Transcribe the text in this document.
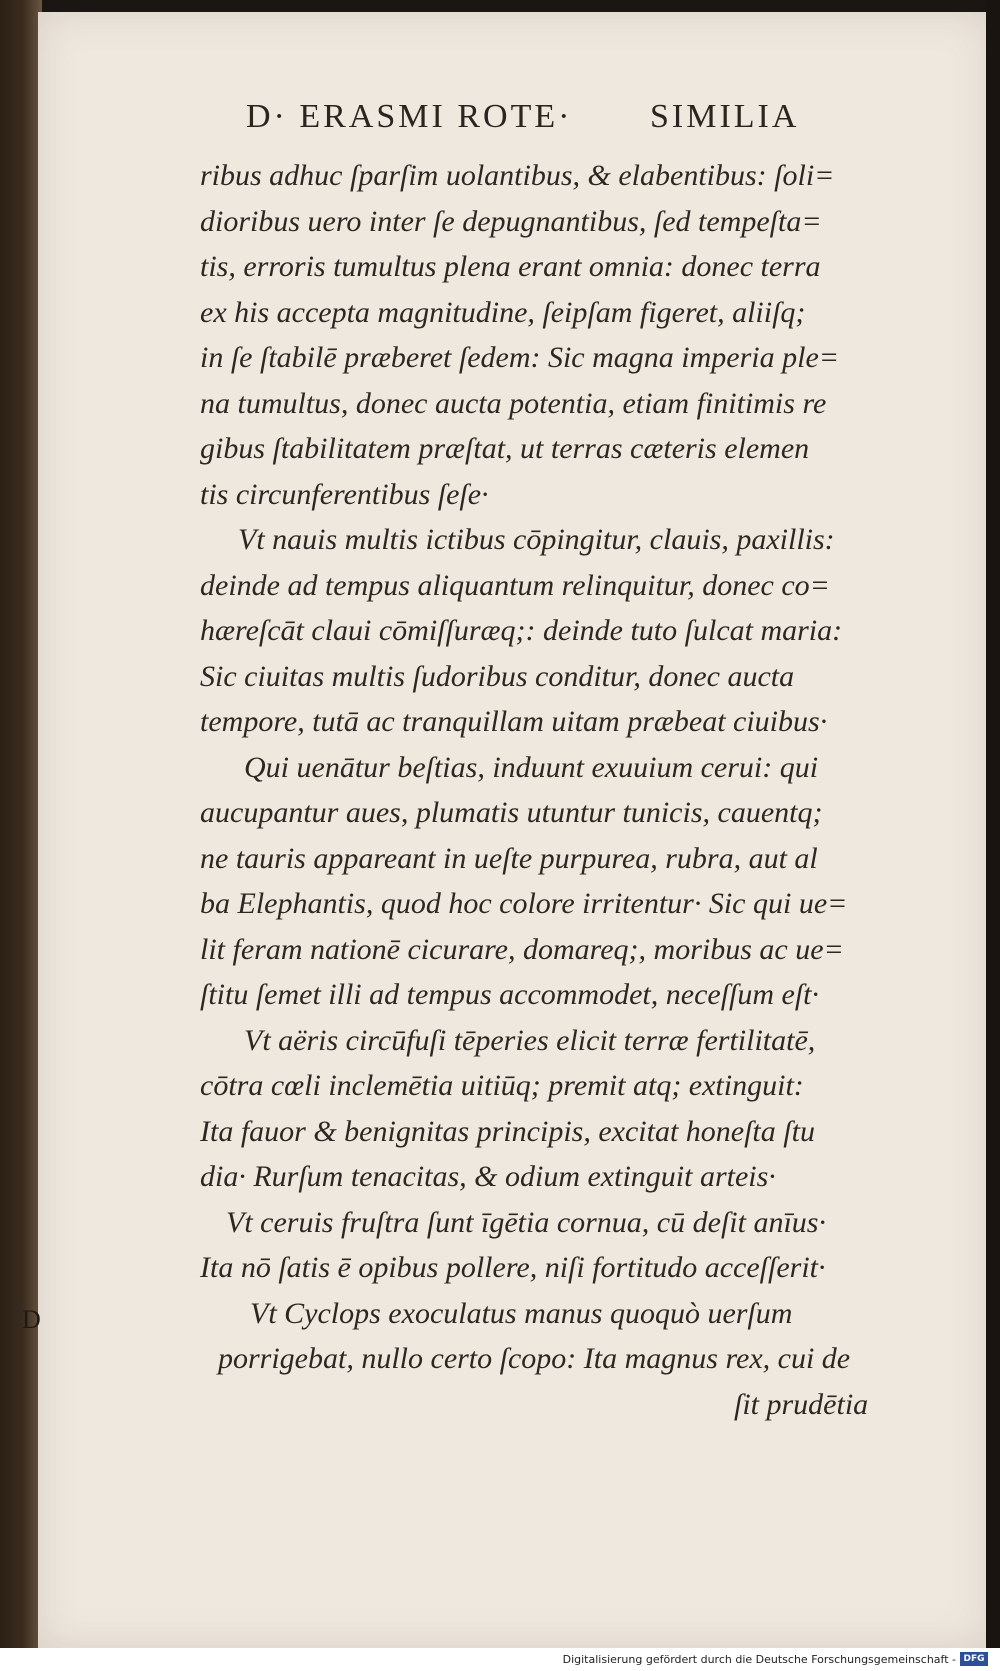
D· ERASMI ROTE· SIMILIA
ribus adhuc ſparſim uolantibus, & elabentibus: ſoli=
dioribus uero inter ſe depugnantibus, ſed tempeſta=
tis, erroris tumultus plena erant omnia: donec terra
ex his accepta magnitudine, ſeipſam figeret, aliiſq;
in ſe ſtabilē præberet ſedem: Sic magna imperia ple=
na tumultus, donec aucta potentia, etiam finitimis re
gibus ſtabilitatem præſtat, ut terras cæteris elemen
tis circunferentibus ſeſe·
Vt nauis multis ictibus cōpingitur, clauis, paxillis:
deinde ad tempus aliquantum relinquitur, donec co=
hæreſcāt claui cōmiſſuræq;: deinde tuto ſulcat maria:
Sic ciuitas multis ſudoribus conditur, donec aucta
tempore, tutā ac tranquillam uitam præbeat ciuibus·
Qui uenātur beſtias, induunt exuuium cerui: qui
aucupantur aues, plumatis utuntur tunicis, cauentq;
ne tauris appareant in ueſte purpurea, rubra, aut al
ba Elephantis, quod hoc colore irritentur· Sic qui ue=
lit feram nationē cicurare, domareq;, moribus ac ue=
ſtitu ſemet illi ad tempus accommodet, neceſſum eſt·
Vt aëris circūfuſi tēperies elicit terræ fertilitatē,
cōtra cœli inclemētia uitiūq; premit atq; extinguit:
Ita fauor & benignitas principis, excitat honeſta ſtu
dia· Rurſum tenacitas, & odium extinguit arteis·
Vt ceruis fruſtra ſunt īgētia cornua, cū deſit anīus·
Ita nō ſatis ē opibus pollere, niſi fortitudo acceſſerit·
Vt Cyclops exoculatus manus quoquò uerſum
porrigebat, nullo certo ſcopo: Ita magnus rex, cui de
ſit prudētia
D
Digitalisierung gefördert durch die Deutsche Forschungsgemeinschaft - DFG
